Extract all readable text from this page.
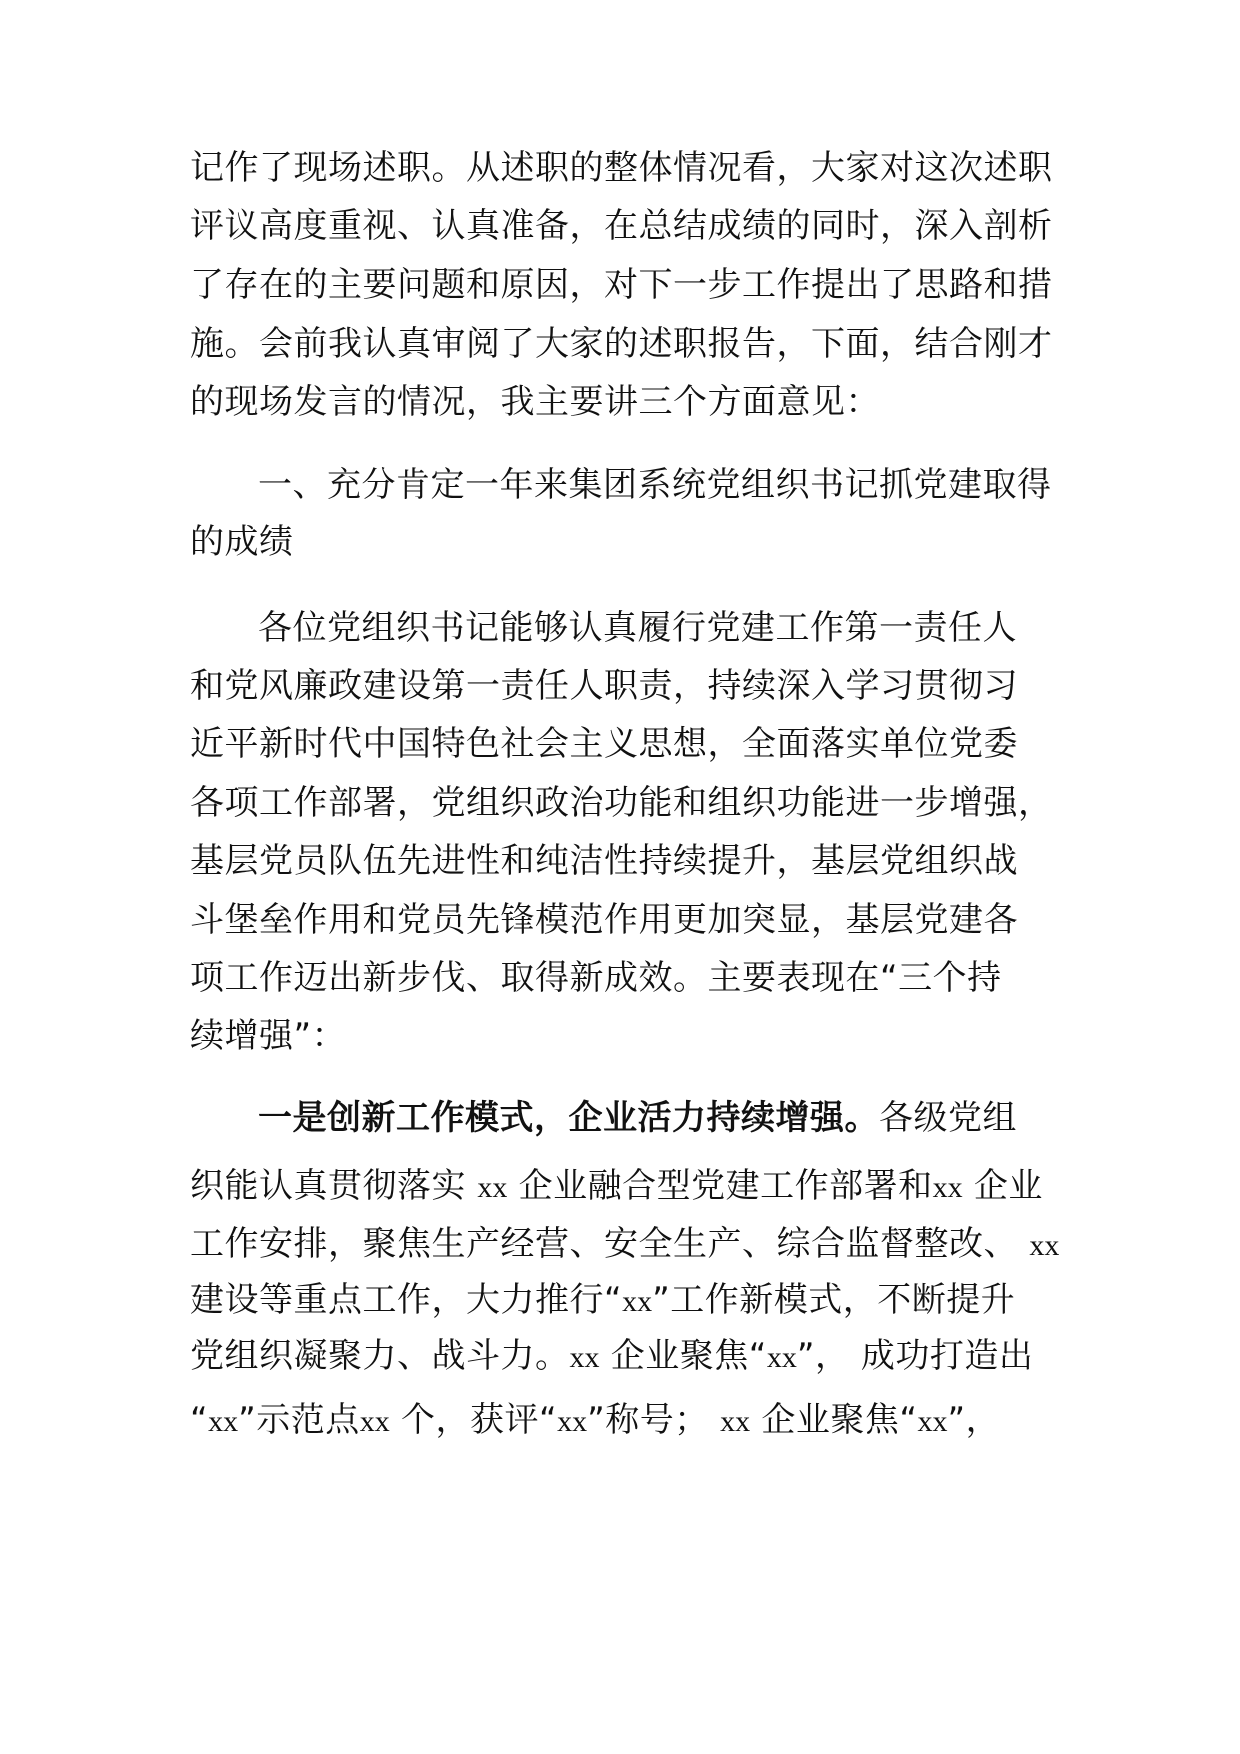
记作了现场述职。从述职的整体情况看，大家对这次述职
评议高度重视、认真准备，在总结成绩的同时，深入剖析
了存在的主要问题和原因，对下一步工作提出了思路和措
施。会前我认真审阅了大家的述职报告，下面，结合刚才
的现场发言的情况，我主要讲三个方面意见：
一、充分肯定一年来集团系统党组织书记抓党建取得
的成绩
各位党组织书记能够认真履行党建工作第一责任人
和党风廉政建设第一责任人职责，持续深入学习贯彻习
近平新时代中国特色社会主义思想，全面落实单位党委
各项工作部署，党组织政治功能和组织功能进一步增强，
基层党员队伍先进性和纯洁性持续提升，基层党组织战
斗堡垒作用和党员先锋模范作用更加突显，基层党建各
项工作迈出新步伐、取得新成效。主要表现在“三个持
续增强”：
一是创新工作模式，企业活力持续增强。各级党组
织能认真贯彻落实 xx 企业融合型党建工作部署和xx 企业
工作安排，聚焦生产经营、安全生产、综合监督整改、 xx
建设等重点工作，大力推行“xx”工作新模式，不断提升
党组织凝聚力、战斗力。xx 企业聚焦“xx”， 成功打造出
“xx”示范点xx 个，获评“xx”称号； xx 企业聚焦“xx”，
